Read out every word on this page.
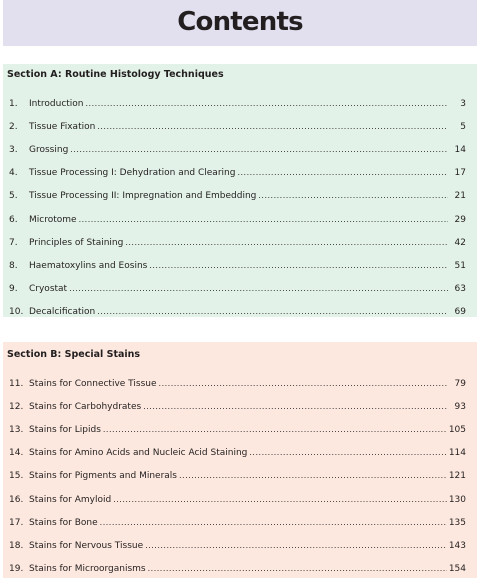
Contents
Section A: Routine Histology Techniques
1.	Introduction .....	3
2.	Tissue Fixation .....	5
3.	Grossing .....	14
4.	Tissue Processing I: Dehydration and Clearing .....	17
5.	Tissue Processing II: Impregnation and Embedding .....	21
6.	Microtome .....	29
7.	Principles of Staining .....	42
8.	Haematoxylins and Eosins .....	51
9.	Cryostat .....	63
10. Decalcification .....	69
Section B: Special Stains
11. Stains for Connective Tissue .....	79
12. Stains for Carbohydrates .....	93
13. Stains for Lipids .....	105
14. Stains for Amino Acids and Nucleic Acid Staining .....	114
15. Stains for Pigments and Minerals .....	121
16. Stains for Amyloid .....	130
17. Stains for Bone .....	135
18. Stains for Nervous Tissue .....	143
19. Stains for Microorganisms .....	154
